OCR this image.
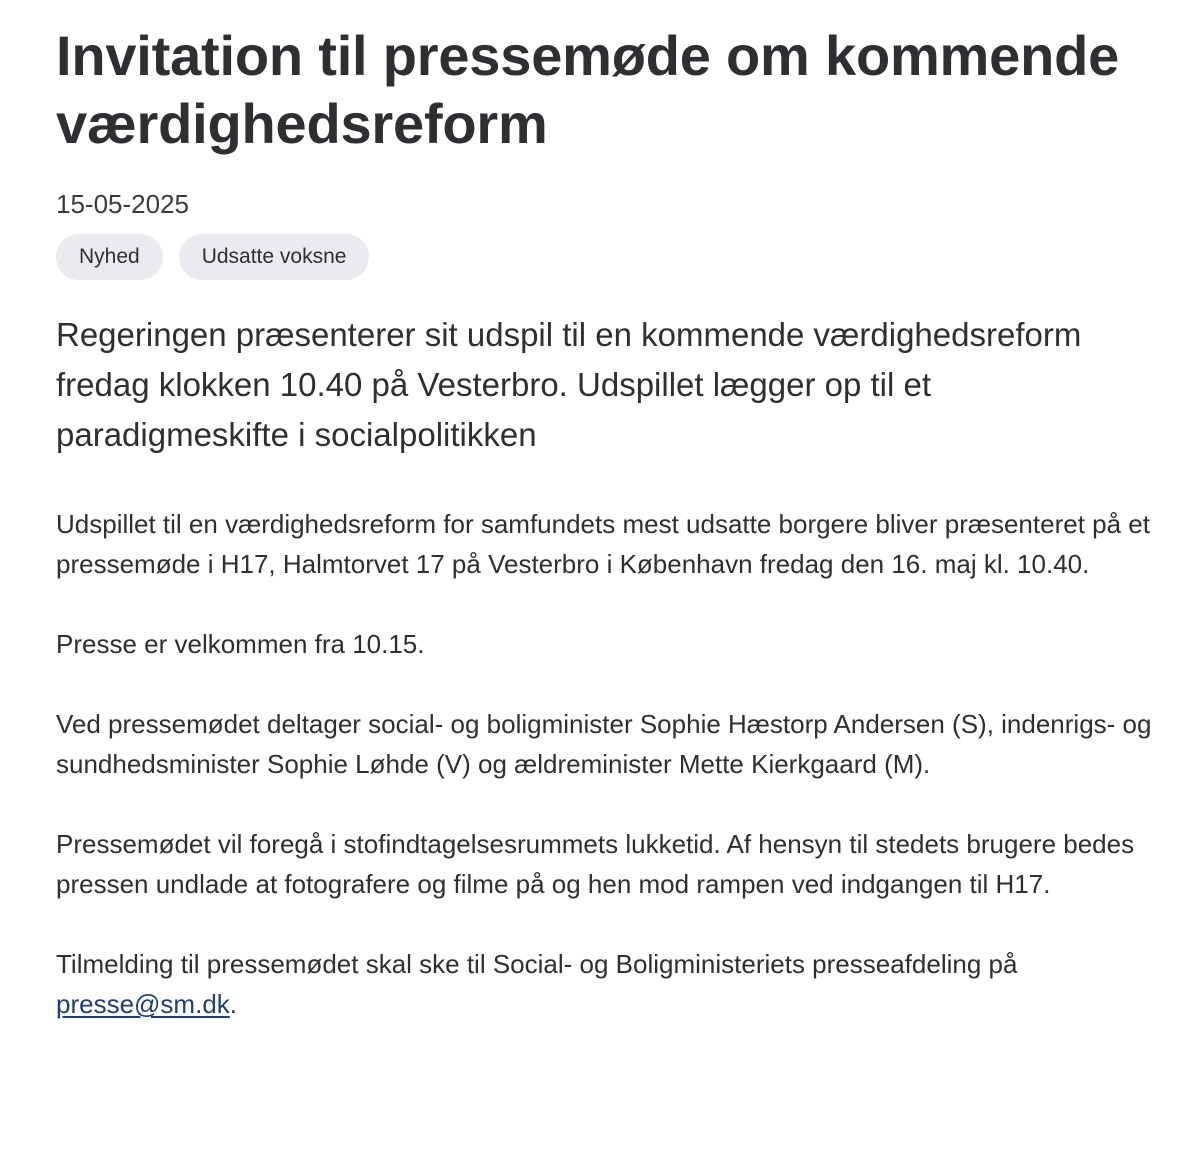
Invitation til pressemøde om kommende værdighedsreform
15-05-2025
Nyhed	Udsatte voksne
Regeringen præsenterer sit udspil til en kommende værdighedsreform fredag klokken 10.40 på Vesterbro. Udspillet lægger op til et paradigmeskifte i socialpolitikken

Udspillet til en værdighedsreform for samfundets mest udsatte borgere bliver præsenteret på et pressemøde i H17, Halmtorvet 17 på Vesterbro i København fredag den 16. maj kl. 10.40.

Presse er velkommen fra 10.15.

Ved pressemødet deltager social- og boligminister Sophie Hæstorp Andersen (S), indenrigs- og sundhedsminister Sophie Løhde (V) og ældreminister Mette Kierkgaard (M).

Pressemødet vil foregå i stofindtagelsesrummets lukketid. Af hensyn til stedets brugere bedes pressen undlade at fotografere og filme på og hen mod rampen ved indgangen til H17.

Tilmelding til pressemødet skal ske til Social- og Boligministeriets presseafdeling på presse@sm.dk.
